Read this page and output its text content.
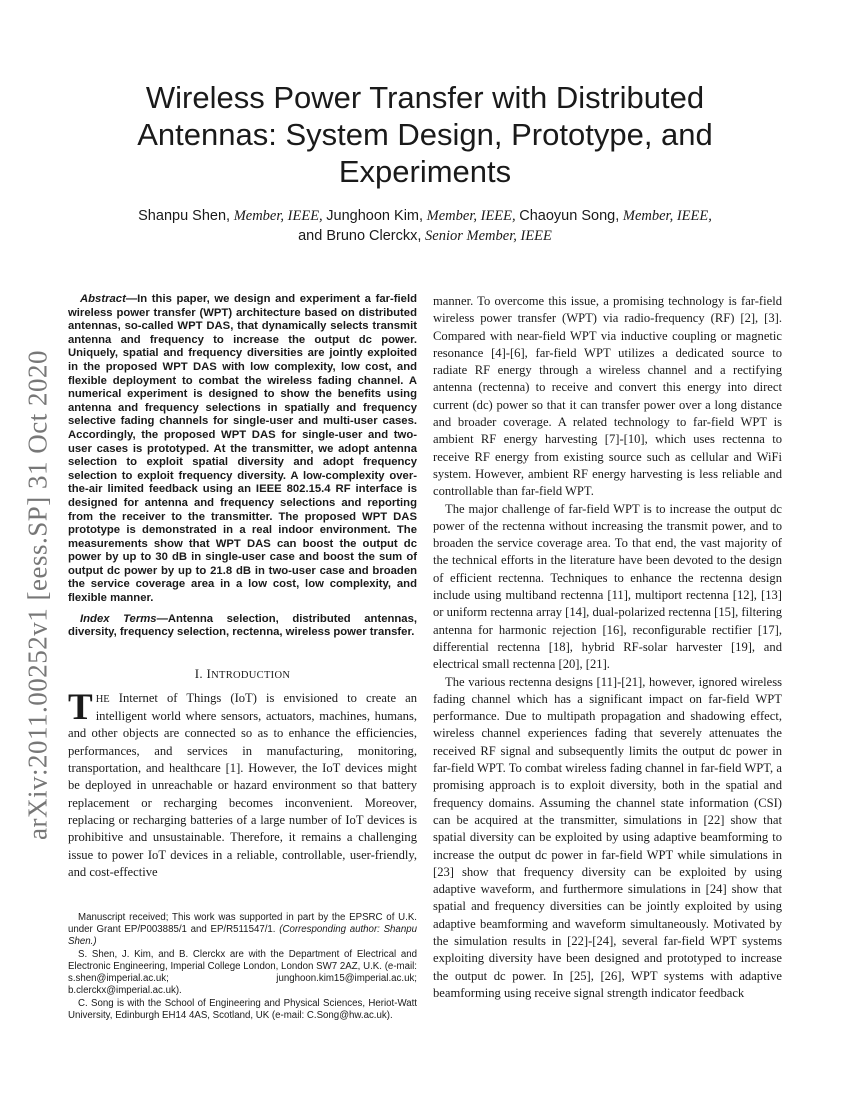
arXiv:2011.00252v1 [eess.SP] 31 Oct 2020
Wireless Power Transfer with Distributed Antennas: System Design, Prototype, and Experiments
Shanpu Shen, Member, IEEE, Junghoon Kim, Member, IEEE, Chaoyun Song, Member, IEEE,
and Bruno Clerckx, Senior Member, IEEE

Abstract—In this paper, we design and experiment a far-field wireless power transfer (WPT) architecture based on distributed antennas, so-called WPT DAS, that dynamically selects transmit antenna and frequency to increase the output dc power. Uniquely, spatial and frequency diversities are jointly exploited in the proposed WPT DAS with low complexity, low cost, and flexible deployment to combat the wireless fading channel. A numerical experiment is designed to show the benefits using antenna and frequency selections in spatially and frequency selective fading channels for single-user and multi-user cases. Accordingly, the proposed WPT DAS for single-user and two-user cases is prototyped. At the transmitter, we adopt antenna selection to exploit spatial diversity and adopt frequency selection to exploit frequency diversity. A low-complexity over-the-air limited feedback using an IEEE 802.15.4 RF interface is designed for antenna and frequency selections and reporting from the receiver to the transmitter. The proposed WPT DAS prototype is demonstrated in a real indoor environment. The measurements show that WPT DAS can boost the output dc power by up to 30 dB in single-user case and boost the sum of output dc power by up to 21.8 dB in two-user case and broaden the service coverage area in a low cost, low complexity, and flexible manner.

Index Terms—Antenna selection, distributed antennas, diversity, frequency selection, rectenna, wireless power transfer.

I. INTRODUCTION

THE Internet of Things (IoT) is envisioned to create an intelligent world where sensors, actuators, machines, humans, and other objects are connected so as to enhance the efficiencies, performances, and services in manufacturing, monitoring, transportation, and healthcare [1]. However, the IoT devices might be deployed in unreachable or hazard environment so that battery replacement or recharging becomes inconvenient. Moreover, replacing or recharging batteries of a large number of IoT devices is prohibitive and unsustainable. Therefore, it remains a challenging issue to power IoT devices in a reliable, controllable, user-friendly, and cost-effective

Manuscript received; This work was supported in part by the EPSRC of U.K. under Grant EP/P003885/1 and EP/R511547/1. (Corresponding author: Shanpu Shen.)

S. Shen, J. Kim, and B. Clerckx are with the Department of Electrical and Electronic Engineering, Imperial College London, London SW7 2AZ, U.K. (e-mail: s.shen@imperial.ac.uk; junghoon.kim15@imperial.ac.uk; b.clerckx@imperial.ac.uk).

C. Song is with the School of Engineering and Physical Sciences, Heriot-Watt University, Edinburgh EH14 4AS, Scotland, UK (e-mail: C.Song@hw.ac.uk).

manner. To overcome this issue, a promising technology is far-field wireless power transfer (WPT) via radio-frequency (RF) [2], [3]. Compared with near-field WPT via inductive coupling or magnetic resonance [4]-[6], far-field WPT utilizes a dedicated source to radiate RF energy through a wireless channel and a rectifying antenna (rectenna) to receive and convert this energy into direct current (dc) power so that it can transfer power over a long distance and broader coverage. A related technology to far-field WPT is ambient RF energy harvesting [7]-[10], which uses rectenna to receive RF energy from existing source such as cellular and WiFi system. However, ambient RF energy harvesting is less reliable and controllable than far-field WPT.

The major challenge of far-field WPT is to increase the output dc power of the rectenna without increasing the transmit power, and to broaden the service coverage area. To that end, the vast majority of the technical efforts in the literature have been devoted to the design of efficient rectenna. Techniques to enhance the rectenna design include using multiband rectenna [11], multiport rectenna [12], [13] or uniform rectenna array [14], dual-polarized rectenna [15], filtering antenna for harmonic rejection [16], reconfigurable rectifier [17], differential rectenna [18], hybrid RF-solar harvester [19], and electrical small rectenna [20], [21].

The various rectenna designs [11]-[21], however, ignored wireless fading channel which has a significant impact on far-field WPT performance. Due to multipath propagation and shadowing effect, wireless channel experiences fading that severely attenuates the received RF signal and subsequently limits the output dc power in far-field WPT. To combat wireless fading channel in far-field WPT, a promising approach is to exploit diversity, both in the spatial and frequency domains. Assuming the channel state information (CSI) can be acquired at the transmitter, simulations in [22] show that spatial diversity can be exploited by using adaptive beamforming to increase the output dc power in far-field WPT while simulations in [23] show that frequency diversity can be exploited by using adaptive waveform, and furthermore simulations in [24] show that spatial and frequency diversities can be jointly exploited by using adaptive beamforming and waveform simultaneously. Motivated by the simulation results in [22]-[24], several far-field WPT systems exploiting diversity have been designed and prototyped to increase the output dc power. In [25], [26], WPT systems with adaptive beamforming using receive signal strength indicator feedback
